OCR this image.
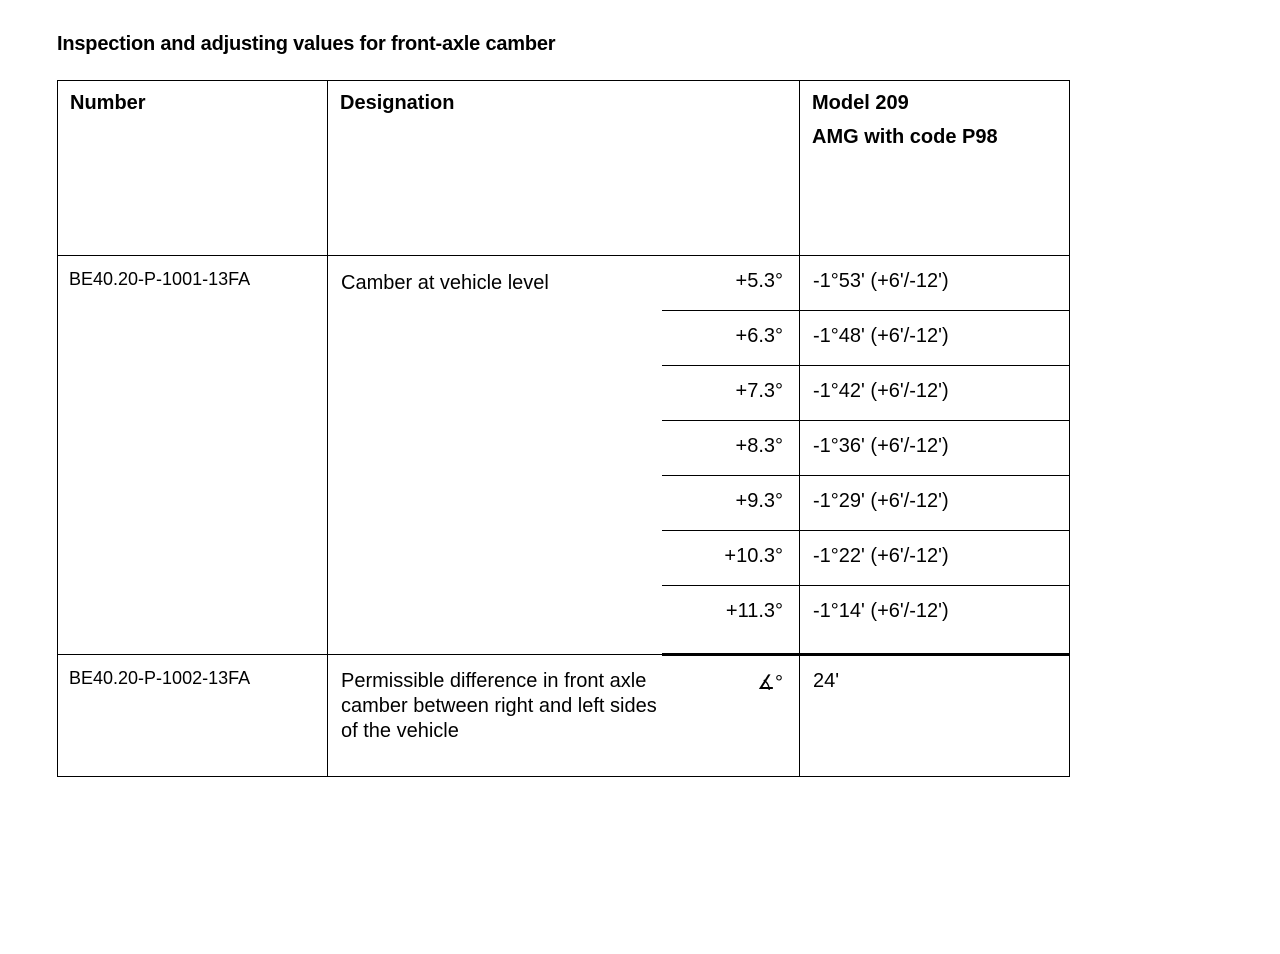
Inspection and adjusting values for front-axle camber
Number	Designation		Model 209
AMG with code P98

BE40.20-P-1001-13FA	Camber at vehicle level	+5.3°	-1°53' (+6'/-12')
		+6.3°	-1°48' (+6'/-12')
		+7.3°	-1°42' (+6'/-12')
		+8.3°	-1°36' (+6'/-12')
		+9.3°	-1°29' (+6'/-12')
		+10.3°	-1°22' (+6'/-12')
		+11.3°	-1°14' (+6'/-12')
BE40.20-P-1002-13FA	Permissible difference in front axle camber between right and left sides of the vehicle	∡°	24'
